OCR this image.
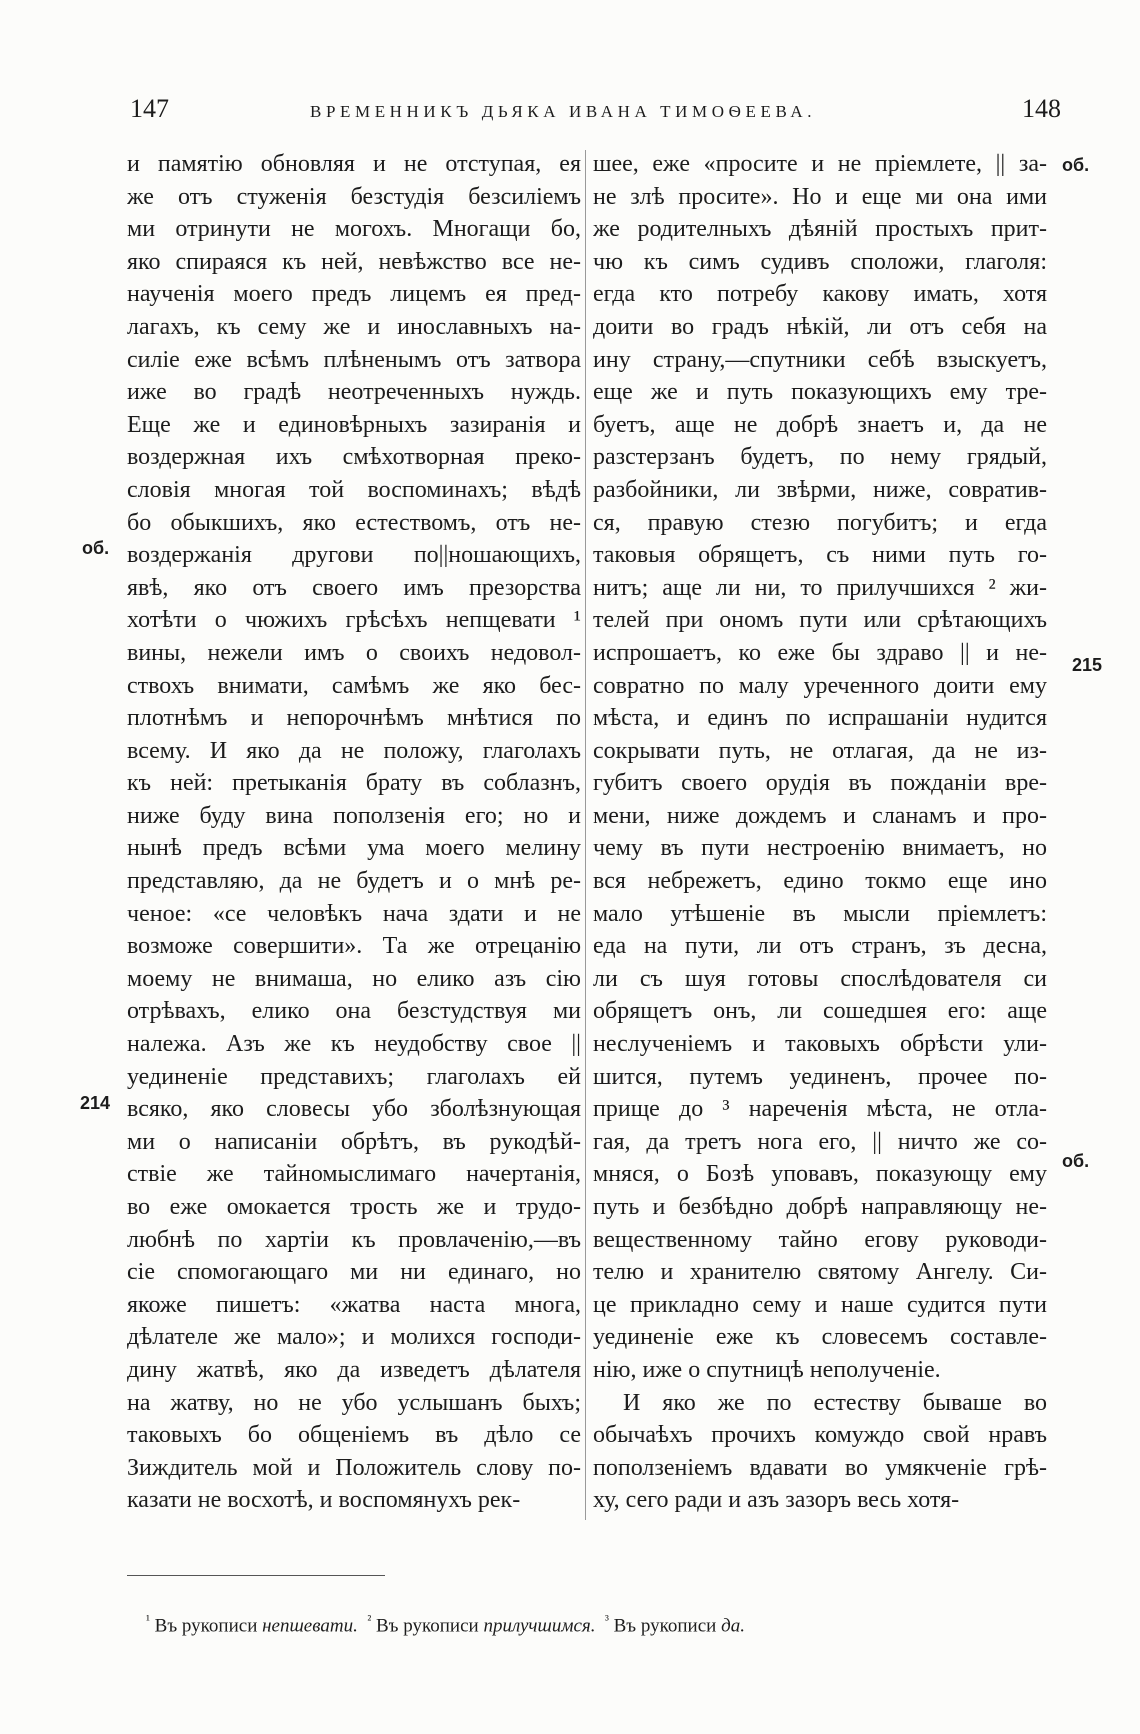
147	ВРЕМЕННИКЪ ДЬЯКА ИВАНА ТИМОѲЕЕВА.	148
и памятію обновляя и не отступая, ея
же отъ стуженія безстудія безсиліемъ
ми отринути не могохъ. Многащи бо,
яко спираяся къ ней, невѣжство все не-
наученія моего предъ лицемъ ея пред-
лагахъ, къ сему же и инославныхъ на-
силіе еже всѣмъ плѣненымъ отъ затвора
иже во градѣ неотреченныхъ нуждь.
Еще же и единовѣрныхъ зазиранія и
воздержная ихъ смѣхотворная преко-
словія многая той воспоминахъ; вѣдѣ
бо обыкшихъ, яко естествомъ, отъ не-
воздержанія другови по||ношающихъ,
явѣ, яко отъ своего имъ презорства
хотѣти о чюжихъ грѣсѣхъ непщевати ¹
вины, нежели имъ о своихъ недовол-
ствохъ внимати, самѣмъ же яко бес-
плотнѣмъ и непорочнѣмъ мнѣтися по
всему. И яко да не положу, глаголахъ
къ ней: претыканія брату въ соблазнъ,
ниже буду вина поползенія его; но и
нынѣ предъ всѣми ума моего мелину
представляю, да не будетъ и о мнѣ ре-
ченое: «се человѣкъ нача здати и не
возможе совершити». Та же отрецанію
моему не внимаша, но елико азъ сію
отрѣвахъ, елико она безстудствуя ми
належа. Азъ же къ неудобству свое ||
уединеніе представихъ; глаголахъ ей
всяко, яко словесы убо зболѣзнующая
ми о написаніи обрѣтъ, въ рукодѣй-
ствіе же тайномыслимаго начертанія,
во еже омокается трость же и трудо-
любнѣ по хартіи къ провлаченію,—въ
сіе спомогающаго ми ни единаго, но
якоже пишетъ: «жатва наста многа,
дѣлателе же мало»; и молихся господи-
дину жатвѣ, яко да изведетъ дѣлателя
на жатву, но не убо услышанъ быхъ;
таковыхъ бо общеніемъ въ дѣло се
Зиждитель мой и Положитель слову по-
казати не восхотѣ, и воспомянухъ рек-
шее, еже «просите и не пріемлете, || за-
не злѣ просите». Но и еще ми она ими
же родителныхъ дѣяній простыхъ прит-
чю къ симъ судивъ сположи, глаголя:
егда кто потребу какову имать, хотя
доити во градъ нѣкій, ли отъ себя на
ину страну,—спутники себѣ взыскуетъ,
еще же и путь показующихъ ему тре-
буетъ, аще не добрѣ знаетъ и, да не
разстерзанъ будетъ, по нему грядый,
разбойники, ли звѣрми, ниже, совратив-
ся, правую стезю погубитъ; и егда
таковыя обрящетъ, съ ними путь го-
нитъ; аще ли ни, то прилучшихся ² жи-
телей при ономъ пути или срѣтающихъ
испрошаетъ, ко еже бы здраво || и не-
совратно по малу уреченного доити ему
мѣста, и единъ по испрашаніи нудится
сокрывати путь, не отлагая, да не из-
губитъ своего орудія въ пожданіи вре-
мени, ниже дождемъ и сланамъ и про-
чему въ пути нестроенію внимаетъ, но
вся небрежетъ, едино токмо еще ино
мало утѣшеніе въ мысли пріемлетъ:
еда на пути, ли отъ странъ, зъ десна,
ли съ шуя готовы спослѣдователя си
обрящетъ онъ, ли сошедшея его: аще
неслученіемъ и таковыхъ обрѣсти ули-
шится, путемъ уединенъ, прочее по-
прище до ³ нареченія мѣста, не отла-
гая, да третъ нога его, || ничто же со-
мняся, о Бозѣ уповавъ, показующу ему
путь и безбѣдно добрѣ направляющу не-
вещественному тайно егову руководи-
телю и хранителю святому Ангелу. Си-
це прикладно сему и наше судится пути
уединеніе еже къ словесемъ составле-
нію, иже о спутницѣ неполученіе.
И яко же по естеству бываше во
обычаѣхъ прочихъ комуждо свой нравъ
поползеніемъ вдавати во умякченіе грѣ-
ху, сего ради и азъ зазоръ весь хотя-
об.
214
об.
215
об.
$^{^1}$ Въ рукописи непшевати. $^{^2}$ Въ рукописи прилучшимся. $^{^3}$ Въ рукописи да.
